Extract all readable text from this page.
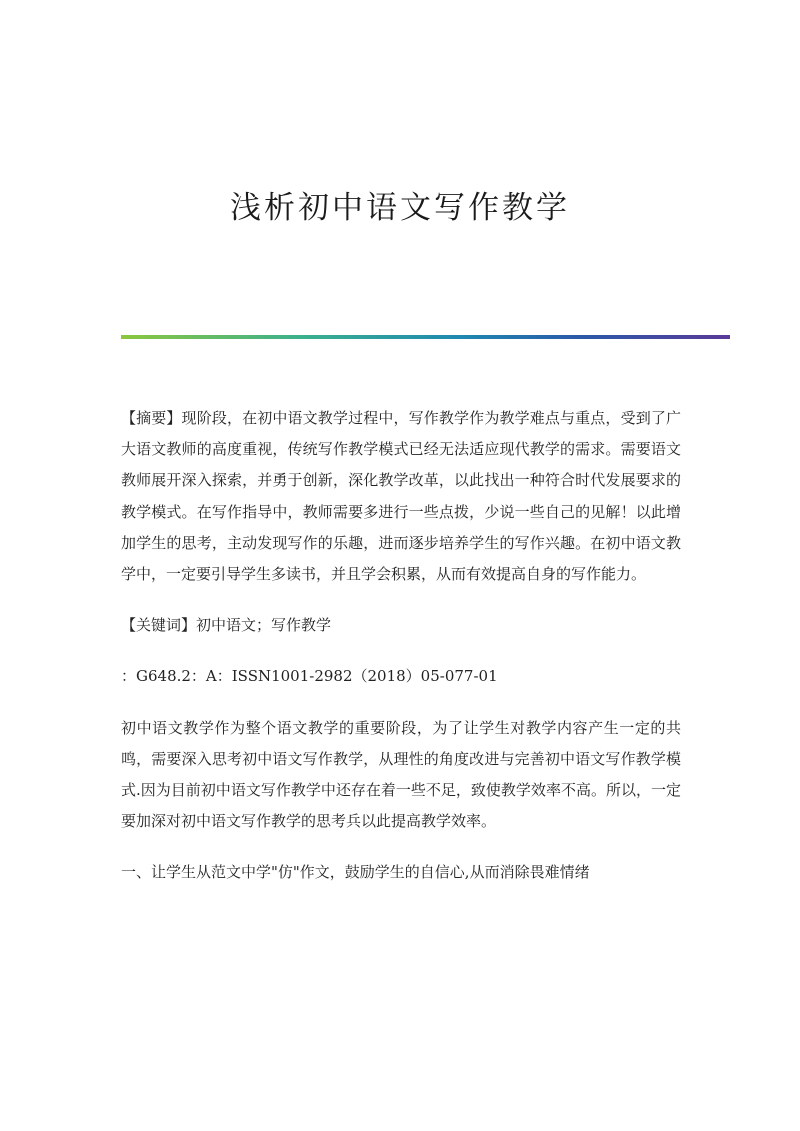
浅析初中语文写作教学

【摘要】现阶段，在初中语文教学过程中，写作教学作为教学难点与重点，受到了广大语文教师的高度重视，传统写作教学模式已经无法适应现代教学的需求。需要语文教师展开深入探索，并勇于创新，深化教学改革，以此找出一种符合时代发展要求的教学模式。在写作指导中，教师需要多进行一些点拨，少说一些自己的见解！以此增加学生的思考，主动发现写作的乐趣，进而逐步培养学生的写作兴趣。在初中语文教学中，一定要引导学生多读书，并且学会积累，从而有效提高自身的写作能力。

【关键词】初中语文；写作教学

：G648.2：A：ISSN1001-2982（2018）05-077-01

初中语文教学作为整个语文教学的重要阶段，为了让学生对教学内容产生一定的共鸣，需要深入思考初中语文写作教学，从理性的角度改进与完善初中语文写作教学模式.因为目前初中语文写作教学中还存在着一些不足，致使教学效率不高。所以，一定要加深对初中语文写作教学的思考兵以此提高教学效率。

一、让学生从范文中学"仿"作文，鼓励学生的自信心,从而消除畏难情绪
